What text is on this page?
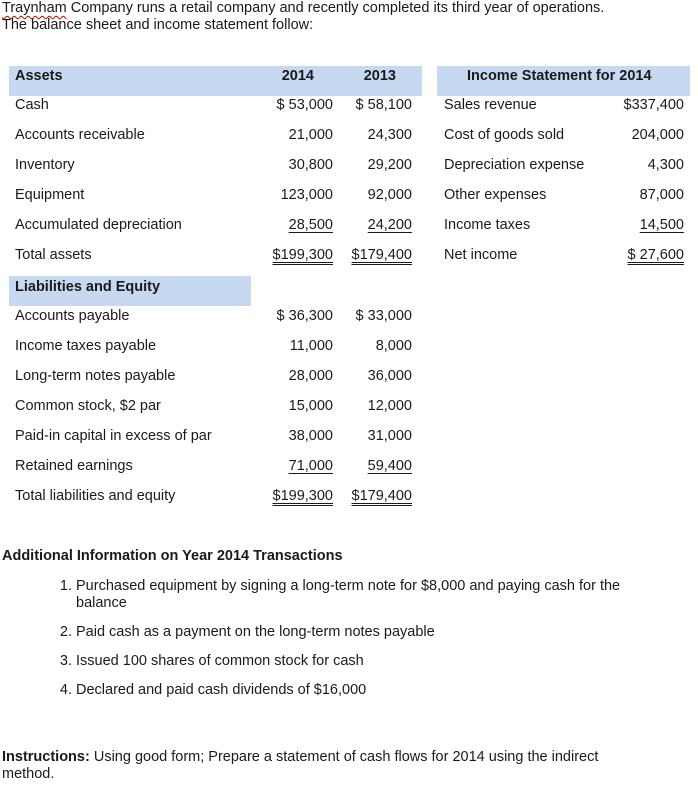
Traynham Company runs a retail company and recently completed its third year of operations.
The balance sheet and income statement follow:
Assets	2014	2013
Cash	$ 53,000	$ 58,100
Accounts receivable	21,000	24,300
Inventory	30,800	29,200
Equipment	123,000	92,000
Accumulated depreciation	28,500	24,200
Total assets	$199,300	$179,400
Liabilities and Equity
Accounts payable	$ 36,300	$ 33,000
Income taxes payable	11,000	8,000
Long-term notes payable	28,000	36,000
Common stock, $2 par	15,000	12,000
Paid-in capital in excess of par	38,000	31,000
Retained earnings	71,000	59,400
Total liabilities and equity	$199,300	$179,400
Income Statement for 2014
Sales revenue	$337,400
Cost of goods sold	204,000
Depreciation expense	4,300
Other expenses	87,000
Income taxes	14,500
Net income	$ 27,600
Additional Information on Year 2014 Transactions
1. Purchased equipment by signing a long-term note for $8,000 and paying cash for the balance
2. Paid cash as a payment on the long-term notes payable
3. Issued 100 shares of common stock for cash
4. Declared and paid cash dividends of $16,000
Instructions: Using good form; Prepare a statement of cash flows for 2014 using the indirect method.
